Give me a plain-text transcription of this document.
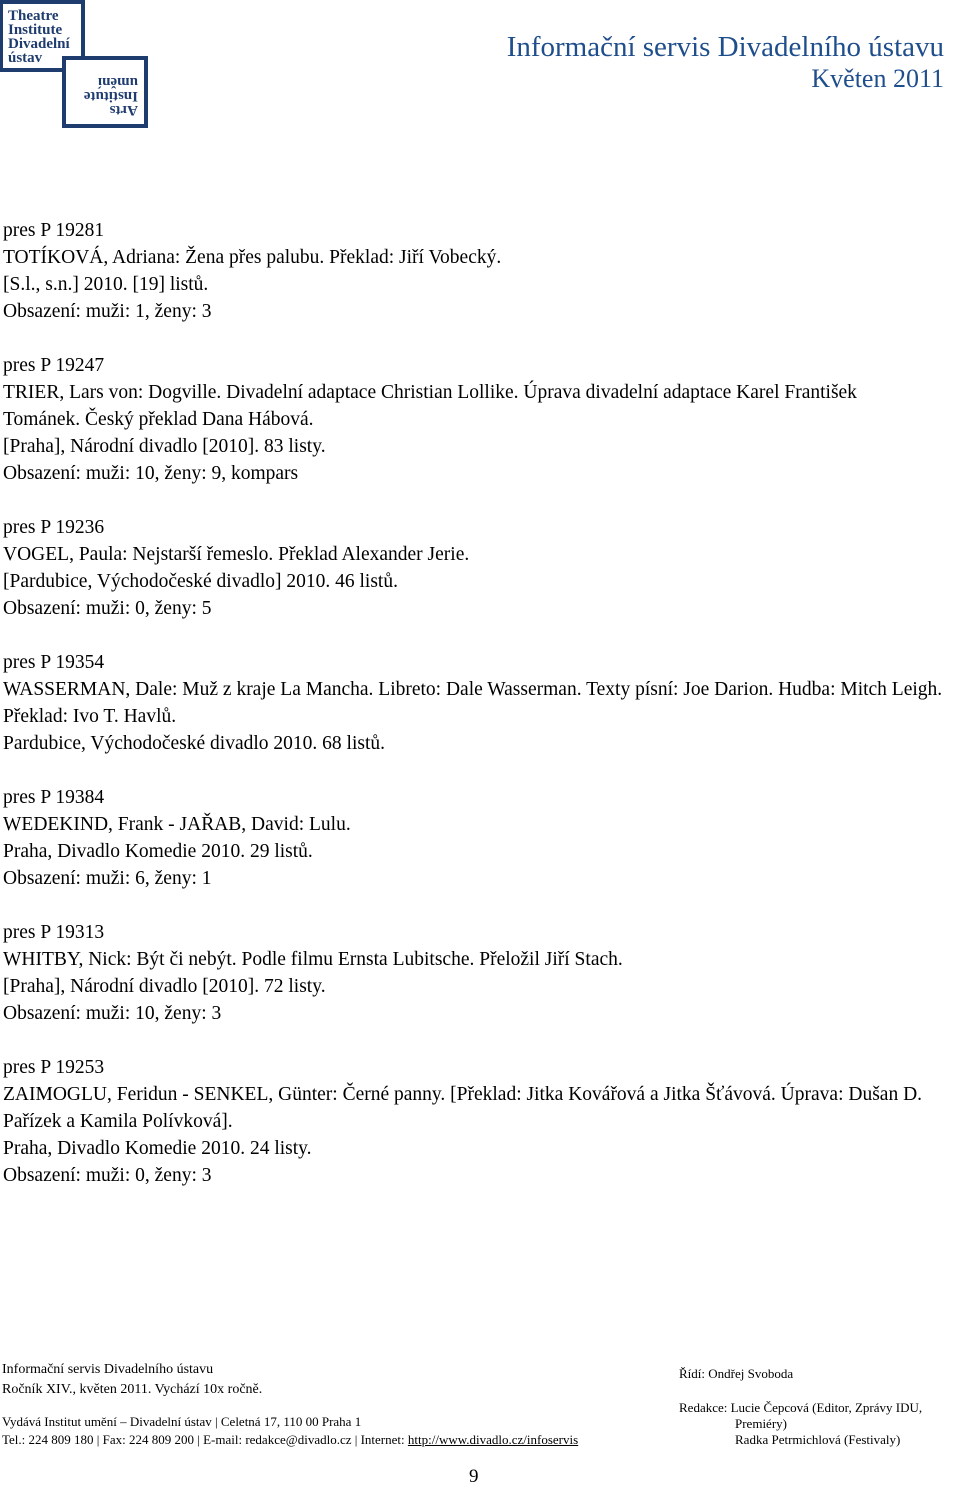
Theatre
Institute
Divadelní
ústav
Arts
Institute
umění
Informační servis Divadelního ústavu
Květen 2011
pres P 19281
TOTÍKOVÁ, Adriana: Žena přes palubu. Překlad: Jiří Vobecký.
[S.l., s.n.] 2010. [19] listů.
Obsazení: muži: 1, ženy: 3
pres P 19247
TRIER, Lars von: Dogville. Divadelní adaptace Christian Lollike. Úprava divadelní adaptace Karel František Tománek. Český překlad Dana Hábová.
[Praha], Národní divadlo [2010]. 83 listy.
Obsazení: muži: 10, ženy: 9, kompars
pres P 19236
VOGEL, Paula: Nejstarší řemeslo. Překlad Alexander Jerie.
[Pardubice, Východočeské divadlo] 2010. 46 listů.
Obsazení: muži: 0, ženy: 5
pres P 19354
WASSERMAN, Dale: Muž z kraje La Mancha. Libreto: Dale Wasserman. Texty písní: Joe Darion. Hudba: Mitch Leigh. Překlad: Ivo T. Havlů.
Pardubice, Východočeské divadlo 2010. 68 listů.
pres P 19384
WEDEKIND, Frank - JAŘAB, David: Lulu.
Praha, Divadlo Komedie 2010. 29 listů.
Obsazení: muži: 6, ženy: 1
pres P 19313
WHITBY, Nick: Být či nebýt. Podle filmu Ernsta Lubitsche. Přeložil Jiří Stach.
[Praha], Národní divadlo [2010]. 72 listy.
Obsazení: muži: 10, ženy: 3
pres P 19253
ZAIMOGLU, Feridun - SENKEL, Günter: Černé panny. [Překlad: Jitka Kovářová a Jitka Šťávová. Úprava: Dušan D. Pařízek a Kamila Polívková].
Praha, Divadlo Komedie 2010. 24 listy.
Obsazení: muži: 0, ženy: 3
Informační servis Divadelního ústavu
Ročník XIV., květen 2011. Vychází 10x ročně.
Vydává Institut umění – Divadelní ústav | Celetná 17, 110 00 Praha 1
Tel.: 224 809 180 | Fax: 224 809 200 | E-mail: redakce@divadlo.cz | Internet: http://www.divadlo.cz/infoservis
Řídí: Ondřej Svoboda
Redakce: Lucie Čepcová (Editor, Zprávy IDU,
Premiéry)
Radka Petrmichlová (Festivaly)
9
